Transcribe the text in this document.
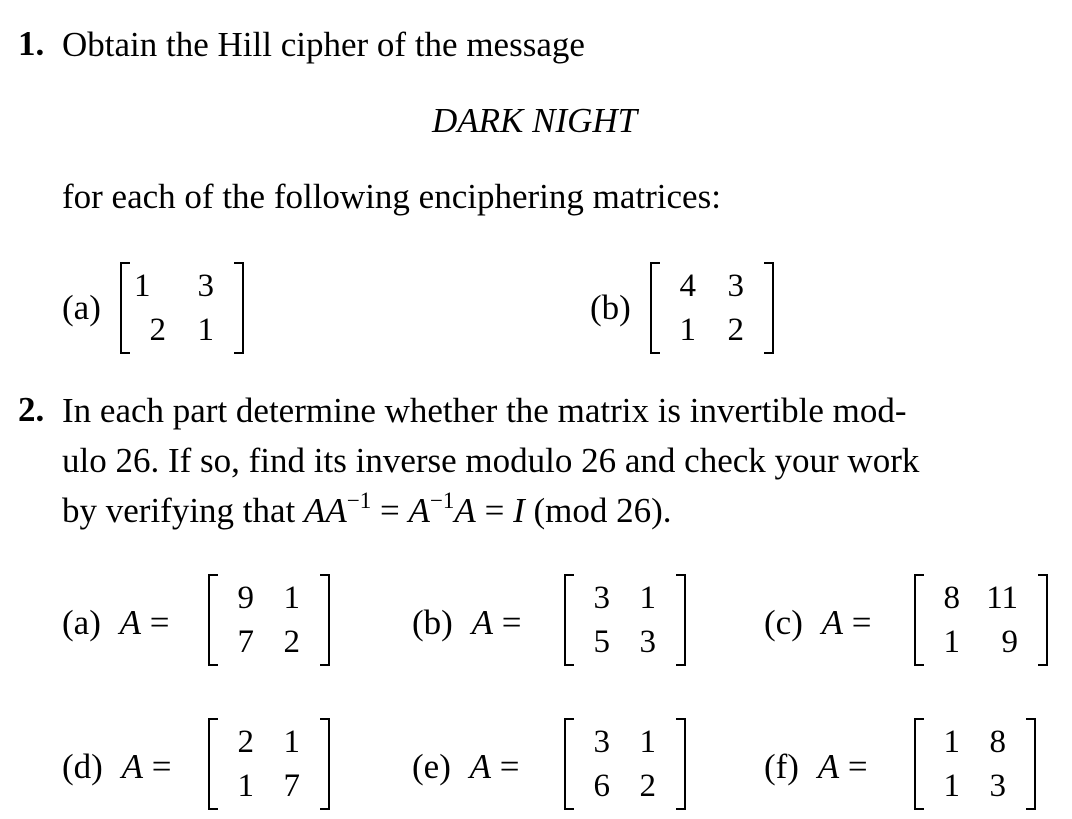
1. Obtain the Hill cipher of the message
DARK NIGHT
for each of the following enciphering matrices:
(a)
1	3
2 1
(b)
4 3
1 2
2. In each part determine whether the matrix is invertible mod-
ulo 26. If so, find its inverse modulo 26 and check your work
by verifying that $AA^{-1} = A^{-1}A = I$ (mod 26).
(a) A =
9 1
7 2	(b) A =
3 1
5 3	(c) A =
8 11
1	9
(d) A =
2 1
1 7	(e) A =
3 1
6 2	(f) A =
1 8
1 3
